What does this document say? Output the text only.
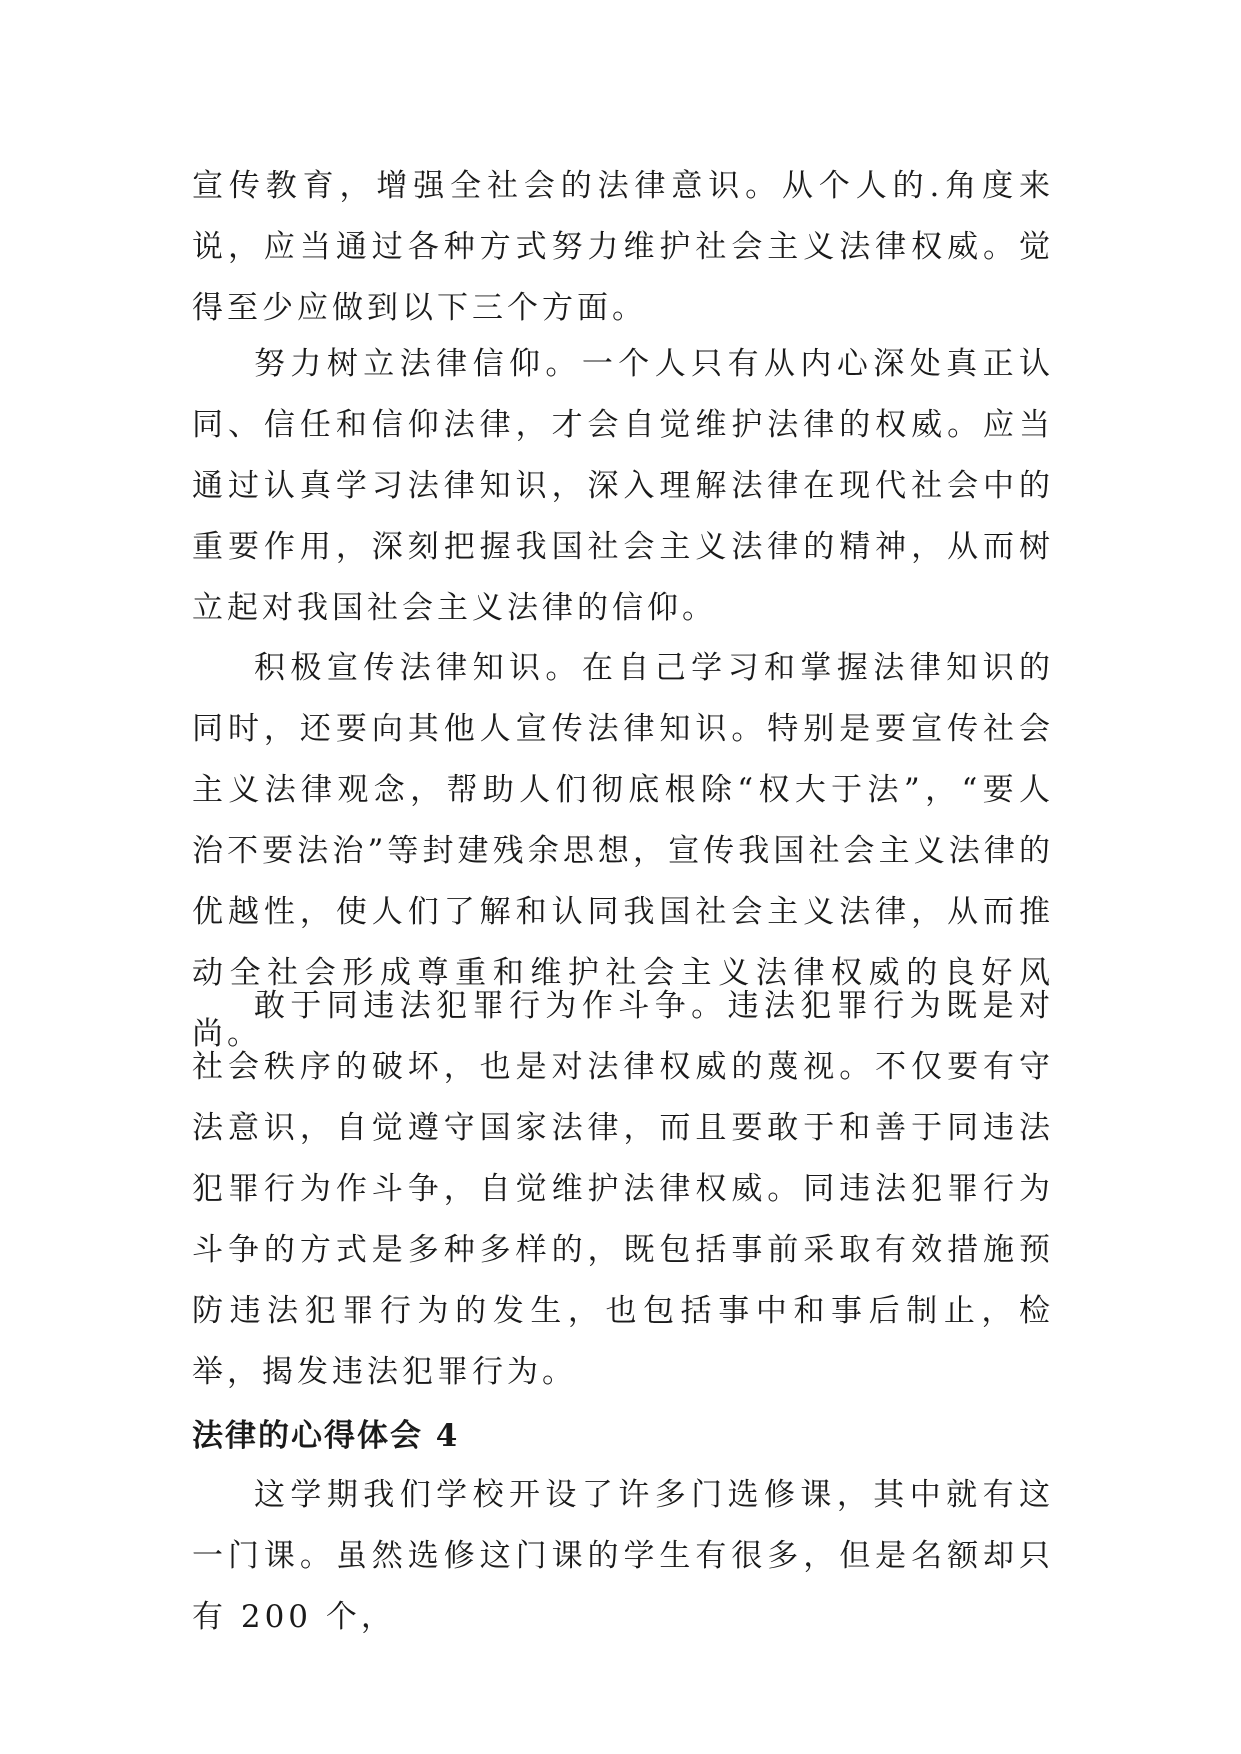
宣传教育，增强全社会的法律意识。从个人的.角度来说，应当通过各种方式努力维护社会主义法律权威。觉得至少应做到以下三个方面。

努力树立法律信仰。一个人只有从内心深处真正认同、信任和信仰法律，才会自觉维护法律的权威。应当通过认真学习法律知识，深入理解法律在现代社会中的重要作用，深刻把握我国社会主义法律的精神，从而树立起对我国社会主义法律的信仰。

积极宣传法律知识。在自己学习和掌握法律知识的同时，还要向其他人宣传法律知识。特别是要宣传社会主义法律观念，帮助人们彻底根除“权大于法”，“要人治不要法治”等封建残余思想，宣传我国社会主义法律的优越性，使人们了解和认同我国社会主义法律，从而推动全社会形成尊重和维护社会主义法律权威的良好风尚。

敢于同违法犯罪行为作斗争。违法犯罪行为既是对社会秩序的破坏，也是对法律权威的蔑视。不仅要有守法意识，自觉遵守国家法律，而且要敢于和善于同违法犯罪行为作斗争，自觉维护法律权威。同违法犯罪行为斗争的方式是多种多样的，既包括事前采取有效措施预防违法犯罪行为的发生，也包括事中和事后制止，检举，揭发违法犯罪行为。

法律的心得体会 4

这学期我们学校开设了许多门选修课，其中就有这一门课。虽然选修这门课的学生有很多，但是名额却只有 200 个，
